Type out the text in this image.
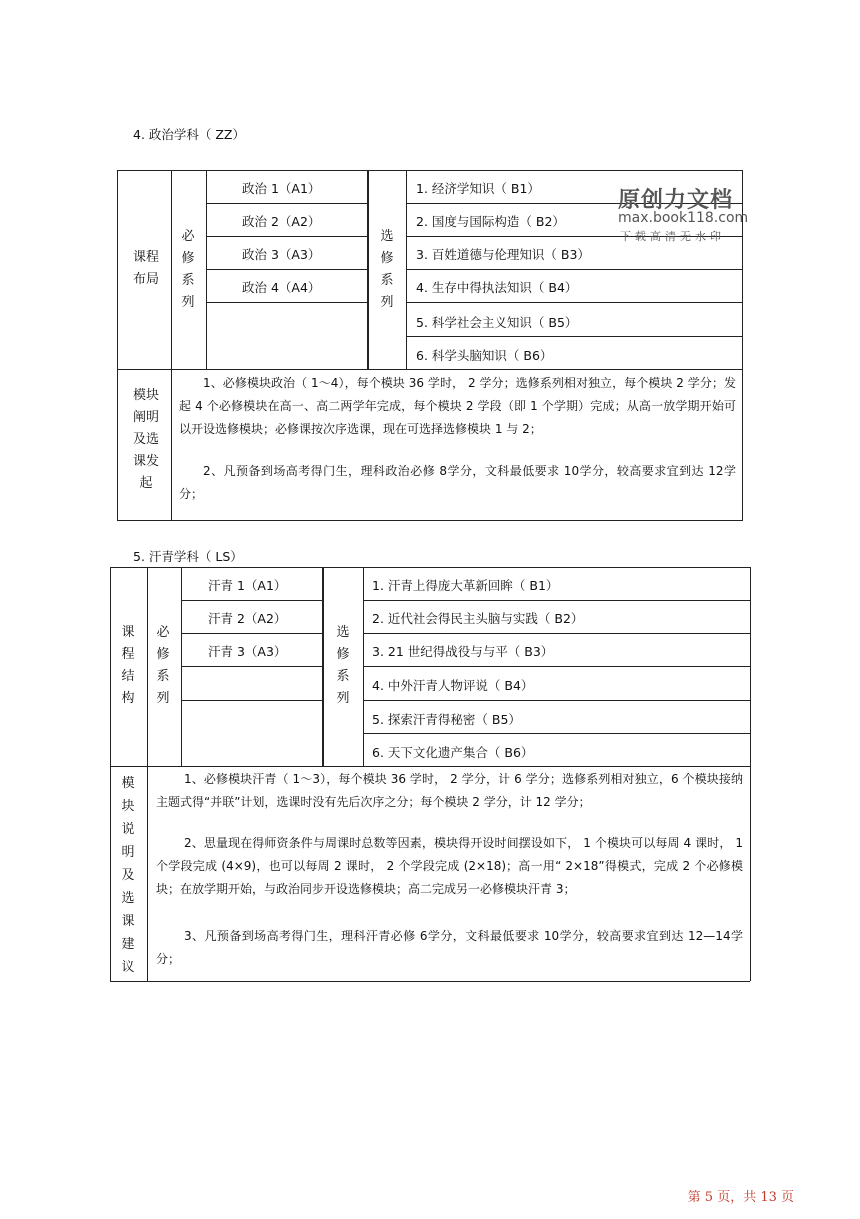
4. 政治学科（ ZZ）
课程布局
必修系列
选修系列
政治 1（A1）
政治 2（A2）
政治 3（A3）
政治 4（A4）
1. 经济学知识（ B1）
2. 国度与国际构造（ B2）
3. 百姓道德与伦理知识（ B3）
4. 生存中得执法知识（ B4）
5. 科学社会主义知识（ B5）
6. 科学头脑知识（ B6）
模块阐明及选课发起
1、必修模块政治（ 1～4），每个模块 36 学时， 2 学分；选修系列相对独立，每个模块 2 学分；发起 4 个必修模块在高一、高二两学年完成，每个模块 2 学段（即 1 个学期）完成；从高一放学期开始可以开设选修模块；必修课按次序选课，现在可选择选修模块 1 与 2；
2、凡预备到场高考得门生，理科政治必修 8学分，文科最低要求 10学分，较高要求宜到达 12学分；
原创力文档
max.book118.com
下载高清无水印
5. 汗青学科（ LS）
课程结构
必修系列
选修系列
汗青 1（A1）
汗青 2（A2）
汗青 3（A3）
1. 汗青上得庞大革新回眸（ B1）
2. 近代社会得民主头脑与实践（ B2）
3. 21 世纪得战役与与平（ B3）
4. 中外汗青人物评说（ B4）
5. 探索汗青得秘密（ B5）
6. 天下文化遗产集合（ B6）
模块说明及选课建议
1、必修模块汗青（ 1～3），每个模块 36 学时， 2 学分，计 6 学分；选修系列相对独立，6 个模块接纳主题式得“并联”计划，选课时没有先后次序之分；每个模块 2 学分，计 12 学分；
2、思量现在得师资条件与周课时总数等因素，模块得开设时间摆设如下， 1 个模块可以每周 4 课时， 1 个学段完成 (4×9)，也可以每周 2 课时， 2 个学段完成 (2×18)；高一用“ 2×18”得模式，完成 2 个必修模块；在放学期开始，与政治同步开设选修模块；高二完成另一必修模块汗青 3；
3、凡预备到场高考得门生，理科汗青必修 6学分，文科最低要求 10学分，较高要求宜到达 12—14学分；
第 5 页，共 13 页
